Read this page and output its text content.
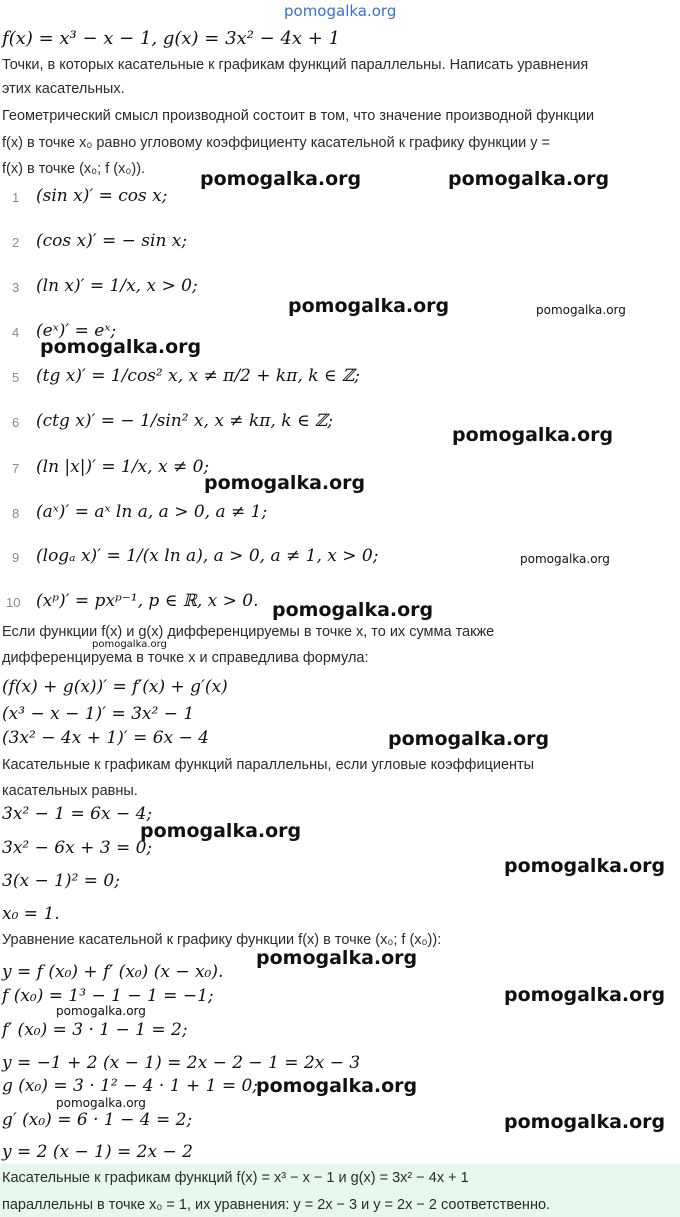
pomogalka.org
f(x) = x³ − x − 1, g(x) = 3x² − 4x + 1
Точки, в которых касательные к графикам функций параллельны. Написать уравнения
этих касательных.
Геометрический смысл производной состоит в том, что значение производной функции
f(x) в точке x₀ равно угловому коэффициенту касательной к графику функции y =
f(x) в точке (x₀; f (x₀)).
1 (sin x)′ = cos x;
2 (cos x)′ = − sin x;
3 (ln x)′ = 1/x, x > 0;
4 (eˣ)′ = eˣ;
5 (tg x)′ = 1/cos² x, x ≠ π/2 + kπ, k ∈ ℤ;
6 (ctg x)′ = − 1/sin² x, x ≠ kπ, k ∈ ℤ;
7 (ln |x|)′ = 1/x, x ≠ 0;
8 (aˣ)′ = aˣ ln a, a > 0, a ≠ 1;
9 (logₐ x)′ = 1/(x ln a), a > 0, a ≠ 1, x > 0;
10 (xᵖ)′ = pxᵖ⁻¹, p ∈ ℝ, x > 0.
Если функции f(x) и g(x) дифференцируемы в точке x, то их сумма также
дифференцируема в точке x и справедлива формула:
(f(x) + g(x))′ = f′(x) + g′(x)
(x³ − x − 1)′ = 3x² − 1
(3x² − 4x + 1)′ = 6x − 4
Касательные к графикам функций параллельны, если угловые коэффициенты
касательных равны.
3x² − 1 = 6x − 4;
3x² − 6x + 3 = 0;
3(x − 1)² = 0;
x₀ = 1.
Уравнение касательной к графику функции f(x) в точке (x₀; f (x₀)):
y = f (x₀) + f′ (x₀) (x − x₀).
f (x₀) = 1³ − 1 − 1 = −1;
f′ (x₀) = 3 · 1 − 1 = 2;
y = −1 + 2 (x − 1) = 2x − 2 − 1 = 2x − 3
g (x₀) = 3 · 1² − 4 · 1 + 1 = 0;
g′ (x₀) = 6 · 1 − 4 = 2;
y = 2 (x − 1) = 2x − 2
Касательные к графикам функций f(x) = x³ − x − 1 и g(x) = 3x² − 4x + 1
параллельны в точке x₀ = 1, их уравнения: y = 2x − 3 и y = 2x − 2 соответственно.
pomogalka.org	pomogalka.org
pomogalka.org	pomogalka.org
pomogalka.org
pomogalka.org
pomogalka.org
pomogalka.org
pomogalka.org
pomogalka.org
pomogalka.org
pomogalka.org
pomogalka.org
pomogalka.org
pomogalka.org
pomogalka.org
pomogalka.org
pomogalka.org
pomogalka.org
